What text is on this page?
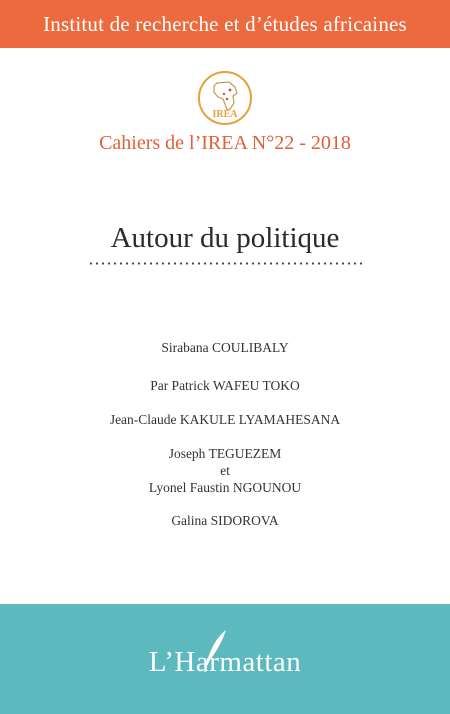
Institut de recherche et d’études africaines
IREA
Cahiers de l’IREA N°22 - 2018
Autour du politique
Sirabana COULIBALY
Par Patrick WAFEU TOKO
Jean-Claude KAKULE LYAMAHESANA
Joseph TEGUEZEM
et
Lyonel Faustin NGOUNOU
Galina SIDOROVA
L’Harmattan
